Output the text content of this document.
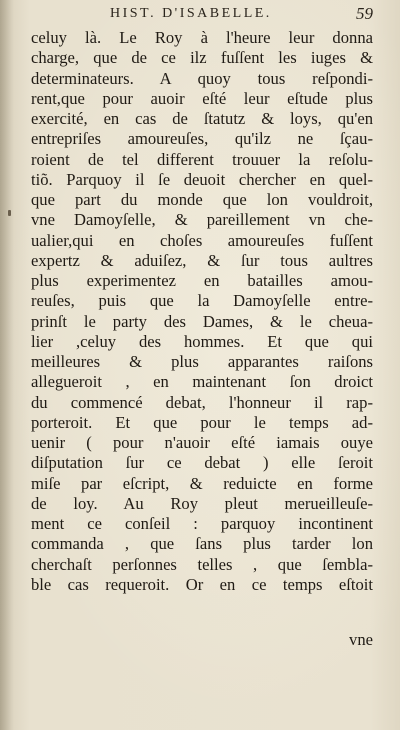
HIST. D'ISABELLE.	59
celuy là. Le Roy à l'heure leur donna
charge, que de ce ilz fuſſent les iuges &
determinateurs. A quoy tous reſpondi-
rent,que pour auoir eſté leur eſtude plus
exercité, en cas de ſtatutz & loys, qu'en
entrepriſes amoureuſes, qu'ilz ne ſçau-
roient de tel different trouuer la reſolu-
tiõ. Parquoy il ſe deuoit chercher en quel-
que part du monde que lon vouldroit,
vne Damoyſelle, & pareillement vn che-
ualier,qui en choſes amoureuſes fuſſent
expertz & aduiſez, & ſur tous aultres
plus experimentez en batailles amou-
reuſes, puis que la Damoyſelle entre-
prinſt le party des Dames, & le cheua-
lier ,celuy des hommes. Et que qui
meilleures & plus apparantes raiſons
allegueroit , en maintenant ſon droict
du commencé debat, l'honneur il rap-
porteroit. Et que pour le temps ad-
uenir ( pour n'auoir eſté iamais ouye
diſputation ſur ce debat ) elle ſeroit
miſe par eſcript, & reduicte en forme
de loy. Au Roy pleut merueilleuſe-
ment ce conſeil : parquoy incontinent
commanda , que ſans plus tarder lon
cherchaſt perſonnes telles , que ſembla-
ble cas requeroit. Or en ce temps eſtoit
vne
